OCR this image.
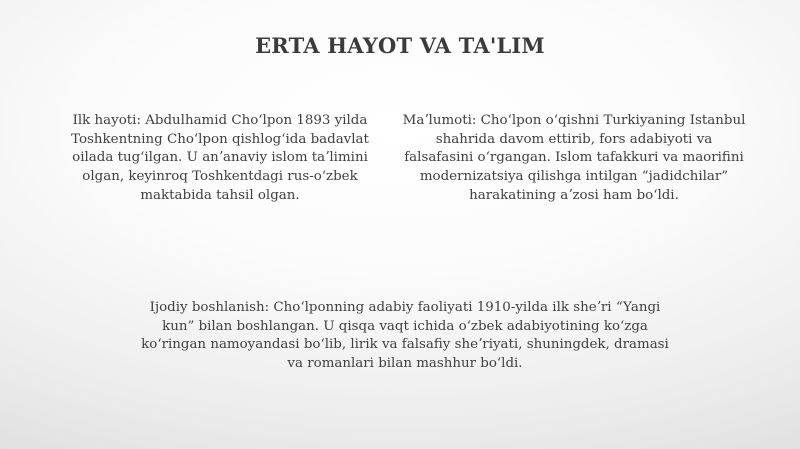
ERTA HAYOT VA TA'LIM
Ilk hayoti: Abdulhamid Choʻlpon 1893 yilda Toshkentning Choʻlpon qishlogʻida badavlat oilada tugʻilgan. U anʼanaviy islom taʼlimini olgan, keyinroq Toshkentdagi rus-oʻzbek maktabida tahsil olgan.
Maʼlumoti: Choʻlpon oʻqishni Turkiyaning Istanbul shahrida davom ettirib, fors adabiyoti va falsafasini oʻrgangan. Islom tafakkuri va maorifini modernizatsiya qilishga intilgan “jadidchilar” harakatining aʼzosi ham boʻldi.
Ijodiy boshlanish: Choʻlponning adabiy faoliyati 1910-yilda ilk sheʼri “Yangi kun” bilan boshlangan. U qisqa vaqt ichida oʻzbek adabiyotining koʻzga koʻringan namoyandasi boʻlib, lirik va falsafiy sheʼriyati, shuningdek, dramasi va romanlari bilan mashhur boʻldi.
